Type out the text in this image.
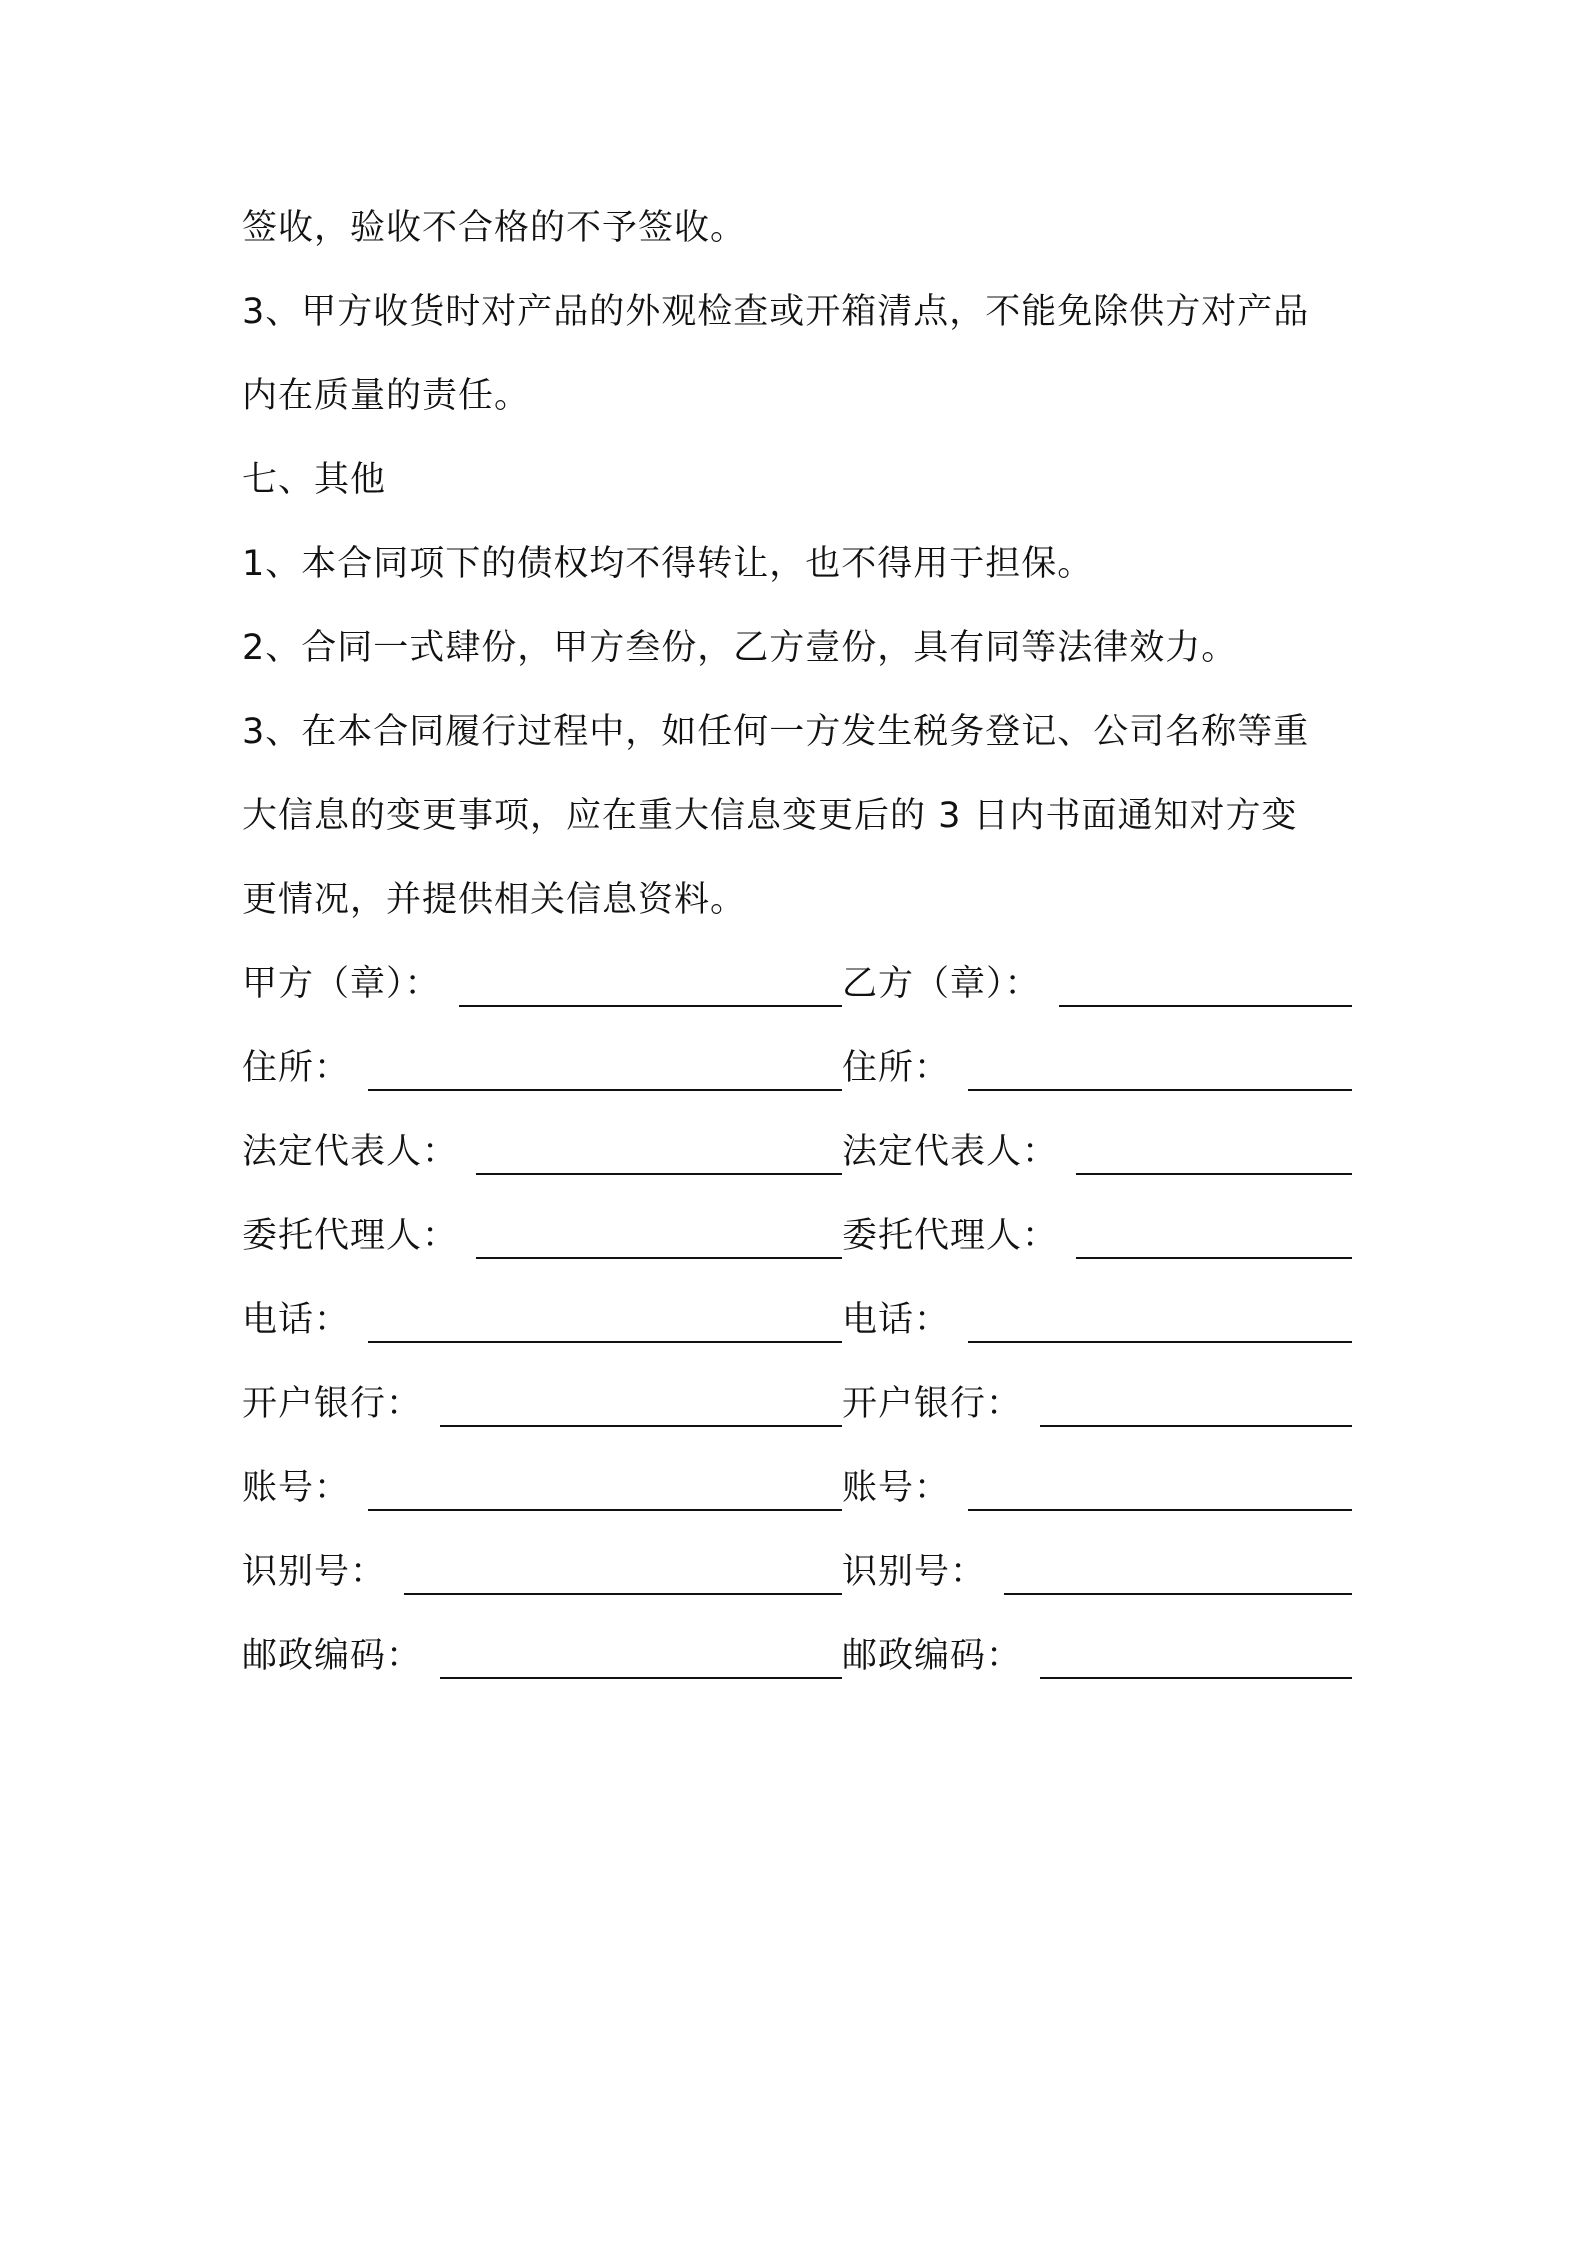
签收，验收不合格的不予签收。
3、甲方收货时对产品的外观检查或开箱清点，不能免除供方对产品
内在质量的责任。
七、其他
1、本合同项下的债权均不得转让，也不得用于担保。
2、合同一式肆份，甲方叁份，乙方壹份，具有同等法律效力。
3、在本合同履行过程中，如任何一方发生税务登记、公司名称等重
大信息的变更事项，应在重大信息变更后的 3 日内书面通知对方变
更情况，并提供相关信息资料。
甲方（章）：	乙方（章）：
住所：	住所：
法定代表人：	法定代表人：
委托代理人：	委托代理人：
电话：	电话：
开户银行：	开户银行：
账号：	账号：
识别号：	识别号：
邮政编码：	邮政编码：
